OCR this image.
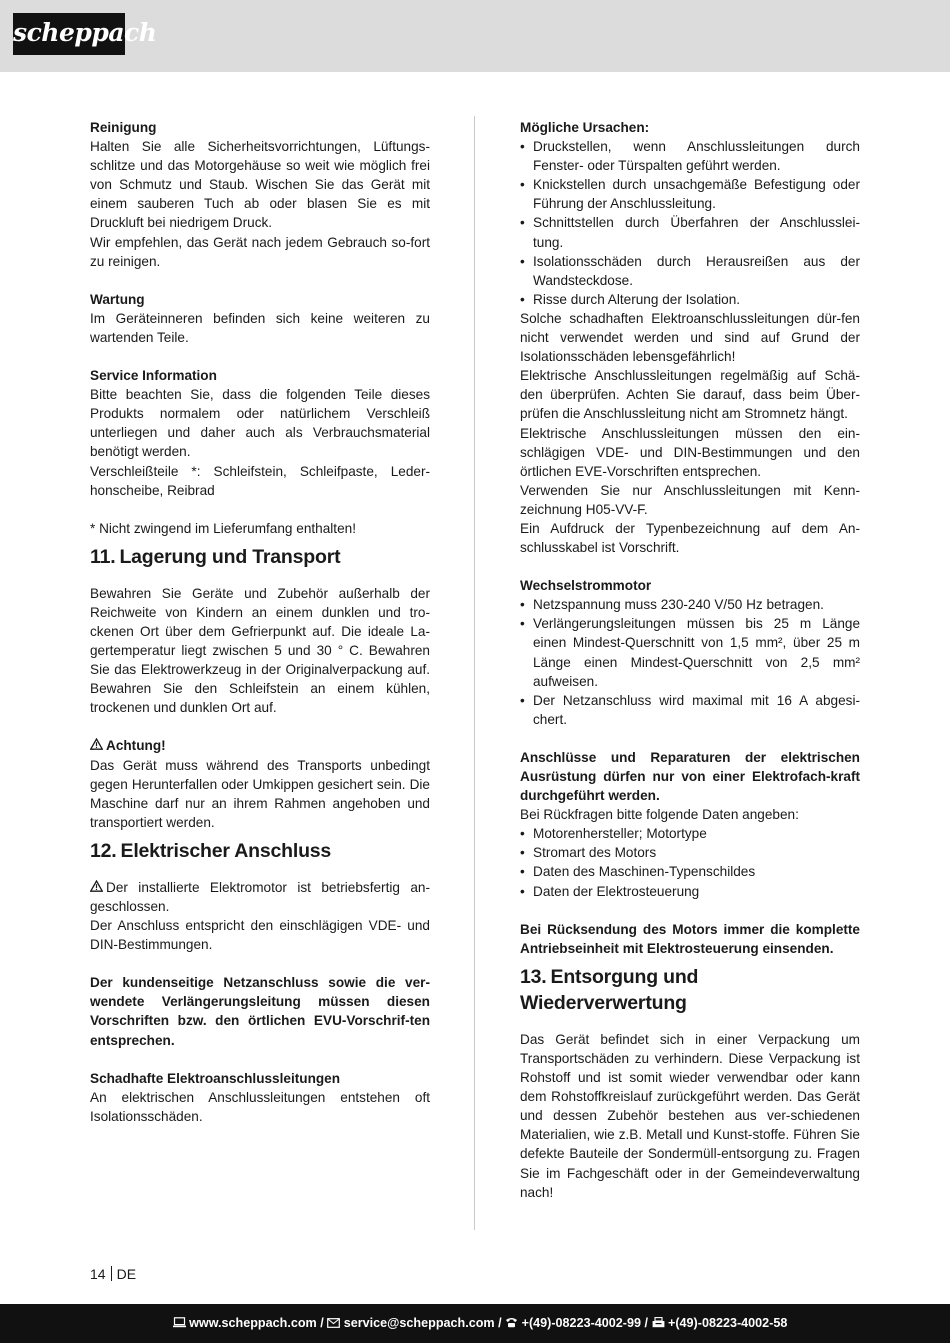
scheppach
Reinigung

Halten Sie alle Sicherheitsvorrichtungen, Lüftungs-schlitze und das Motorgehäuse so weit wie möglich frei von Schmutz und Staub. Wischen Sie das Gerät mit einem sauberen Tuch ab oder blasen Sie es mit Druckluft bei niedrigem Druck.

Wir empfehlen, das Gerät nach jedem Gebrauch so-fort zu reinigen.

Wartung

Im Geräteinneren befinden sich keine weiteren zu wartenden Teile.

Service Information

Bitte beachten Sie, dass die folgenden Teile dieses Produkts normalem oder natürlichem Verschleiß unterliegen und daher auch als Verbrauchsmaterial benötigt werden.

Verschleißteile *: Schleifstein, Schleifpaste, Leder-honscheibe, Reibrad

* Nicht zwingend im Lieferumfang enthalten!

11. Lagerung und Transport

Bewahren Sie Geräte und Zubehör außerhalb der Reichweite von Kindern an einem dunklen und tro-ckenen Ort über dem Gefrierpunkt auf. Die ideale La-gertemperatur liegt zwischen 5 und 30 ° C. Bewahren Sie das Elektrowerkzeug in der Originalverpackung auf. Bewahren Sie den Schleifstein an einem kühlen, trockenen und dunklen Ort auf.

Achtung!

Das Gerät muss während des Transports unbedingt gegen Herunterfallen oder Umkippen gesichert sein. Die Maschine darf nur an ihrem Rahmen angehoben und transportiert werden.

12. Elektrischer Anschluss

Der installierte Elektromotor ist betriebsfertig an-geschlossen.

Der Anschluss entspricht den einschlägigen VDE- und DIN-Bestimmungen.

Der kundenseitige Netzanschluss sowie die ver-wendete Verlängerungsleitung müssen diesen Vorschriften bzw. den örtlichen EVU-Vorschrif-ten entsprechen.

Schadhafte Elektroanschlussleitungen

An elektrischen Anschlussleitungen entstehen oft Isolationsschäden.

Mögliche Ursachen:
• Druckstellen, wenn Anschlussleitungen durch Fenster- oder Türspalten geführt werden.
• Knickstellen durch unsachgemäße Befestigung oder Führung der Anschlussleitung.
• Schnittstellen durch Überfahren der Anschlusslei-tung.
• Isolationsschäden durch Herausreißen aus der Wandsteckdose.
• Risse durch Alterung der Isolation.

Solche schadhaften Elektroanschlussleitungen dür-fen nicht verwendet werden und sind auf Grund der Isolationsschäden lebensgefährlich!

Elektrische Anschlussleitungen regelmäßig auf Schä-den überprüfen. Achten Sie darauf, dass beim Über-prüfen die Anschlussleitung nicht am Stromnetz hängt.

Elektrische Anschlussleitungen müssen den ein-schlägigen VDE- und DIN-Bestimmungen und den örtlichen EVE-Vorschriften entsprechen.

Verwenden Sie nur Anschlussleitungen mit Kenn-zeichnung H05-VV-F.

Ein Aufdruck der Typenbezeichnung auf dem An-schlusskabel ist Vorschrift.

Wechselstrommotor
• Netzspannung muss 230-240 V/50 Hz betragen.
• Verlängerungsleitungen müssen bis 25 m Länge einen Mindest-Querschnitt von 1,5 mm², über 25 m Länge einen Mindest-Querschnitt von 2,5 mm² aufweisen.
• Der Netzanschluss wird maximal mit 16 A abgesi-chert.

Anschlüsse und Reparaturen der elektrischen Ausrüstung dürfen nur von einer Elektrofach-kraft durchgeführt werden.

Bei Rückfragen bitte folgende Daten angeben:

• Motorenhersteller; Motortype
• Stromart des Motors
• Daten des Maschinen-Typenschildes
• Daten der Elektrosteuerung

Bei Rücksendung des Motors immer die komplette Antriebseinheit mit Elektrosteuerung einsenden.

13. Entsorgung und Wiederverwertung

Das Gerät befindet sich in einer Verpackung um Transportschäden zu verhindern. Diese Verpackung ist Rohstoff und ist somit wieder verwendbar oder kann dem Rohstoffkreislauf zurückgeführt werden. Das Gerät und dessen Zubehör bestehen aus ver-schiedenen Materialien, wie z.B. Metall und Kunst-stoffe. Führen Sie defekte Bauteile der Sondermüll-entsorgung zu. Fragen Sie im Fachgeschäft oder in der Gemeindeverwaltung nach!

14 DE
www.scheppach.com / service@scheppach.com / +(49)-08223-4002-99 / +(49)-08223-4002-58
